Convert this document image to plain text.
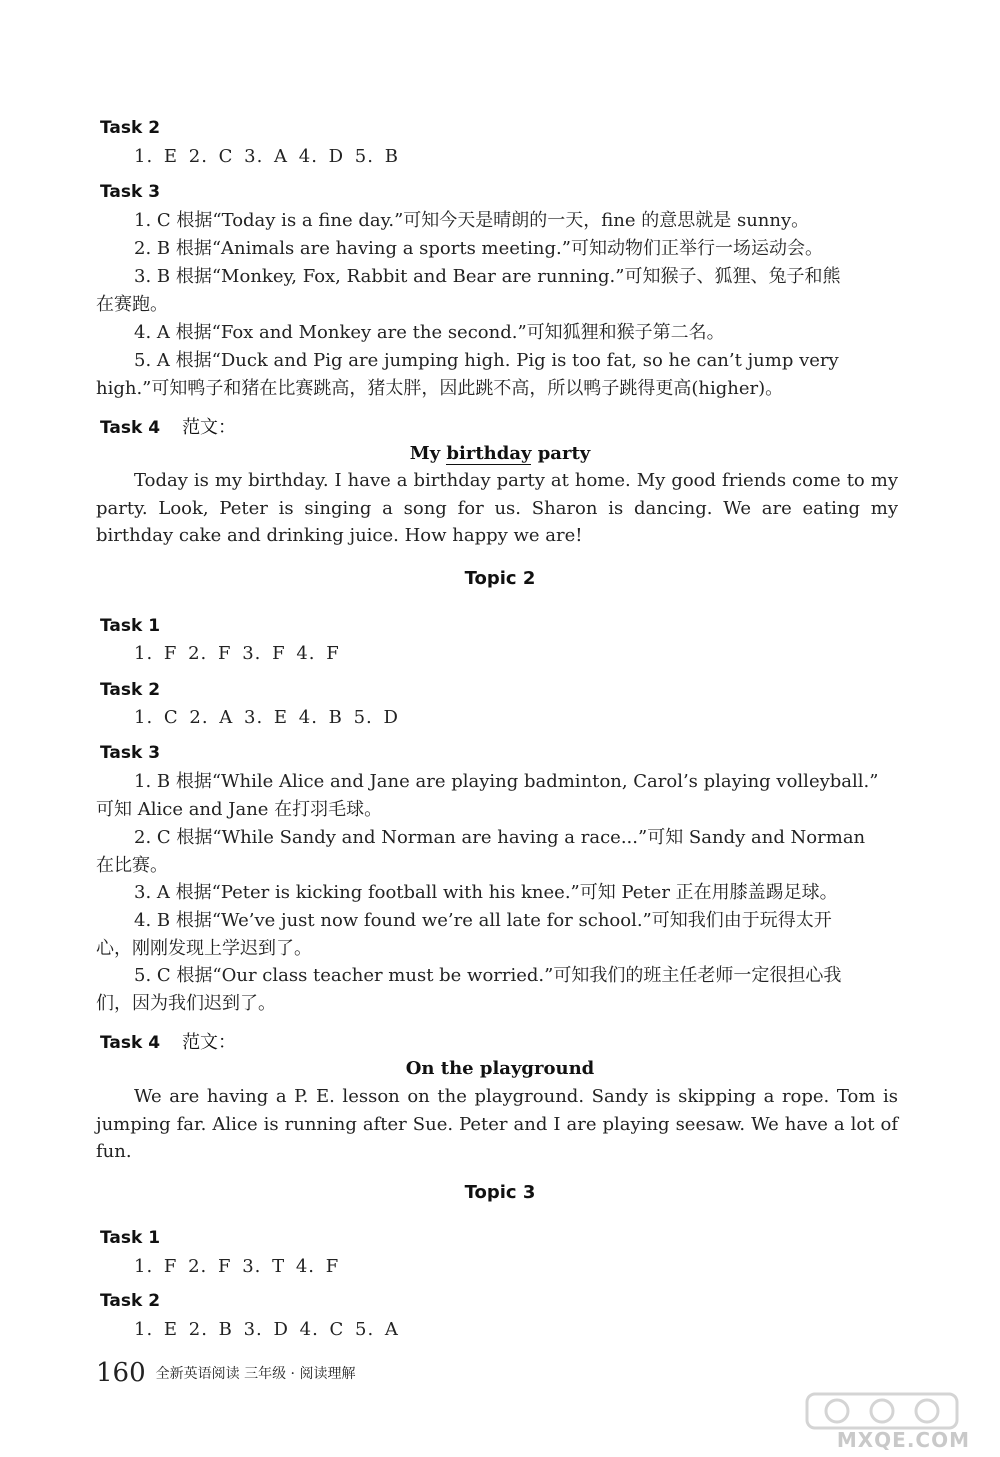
Task 2
1. E 2. C 3. A 4. D 5. B
Task 3
1. C 根据“Today is a fine day.”可知今天是晴朗的一天，fine 的意思就是 sunny。
2. B 根据“Animals are having a sports meeting.”可知动物们正举行一场运动会。
3. B 根据“Monkey, Fox, Rabbit and Bear are running.”可知猴子、狐狸、兔子和熊
在赛跑。
4. A 根据“Fox and Monkey are the second.”可知狐狸和猴子第二名。
5. A 根据“Duck and Pig are jumping high. Pig is too fat, so he can’t jump very
high.”可知鸭子和猪在比赛跳高，猪太胖，因此跳不高，所以鸭子跳得更高(higher)。
Task 4 范文：
My birthday party
Today is my birthday. I have a birthday party at home. My good friends come to my party. Look, Peter is singing a song for us. Sharon is dancing. We are eating my birthday cake and drinking juice. How happy we are!
Topic 2
Task 1
1. F 2. F 3. F 4. F
Task 2
1. C 2. A 3. E 4. B 5. D
Task 3
1. B 根据“While Alice and Jane are playing badminton, Carol’s playing volleyball.”
可知 Alice and Jane 在打羽毛球。
2. C 根据“While Sandy and Norman are having a race...”可知 Sandy and Norman
在比赛。
3. A 根据“Peter is kicking football with his knee.”可知 Peter 正在用膝盖踢足球。
4. B 根据“We’ve just now found we’re all late for school.”可知我们由于玩得太开
心，刚刚发现上学迟到了。
5. C 根据“Our class teacher must be worried.”可知我们的班主任老师一定很担心我
们，因为我们迟到了。
Task 4 范文：
On the playground
We are having a P. E. lesson on the playground. Sandy is skipping a rope. Tom is jumping far. Alice is running after Sue. Peter and I are playing seesaw. We have a lot of fun.
Topic 3
Task 1
1. F 2. F 3. T 4. F
Task 2
1. E 2. B 3. D 4. C 5. A
160 全新英语阅读 三年级 · 阅读理解
MXQE.COM
